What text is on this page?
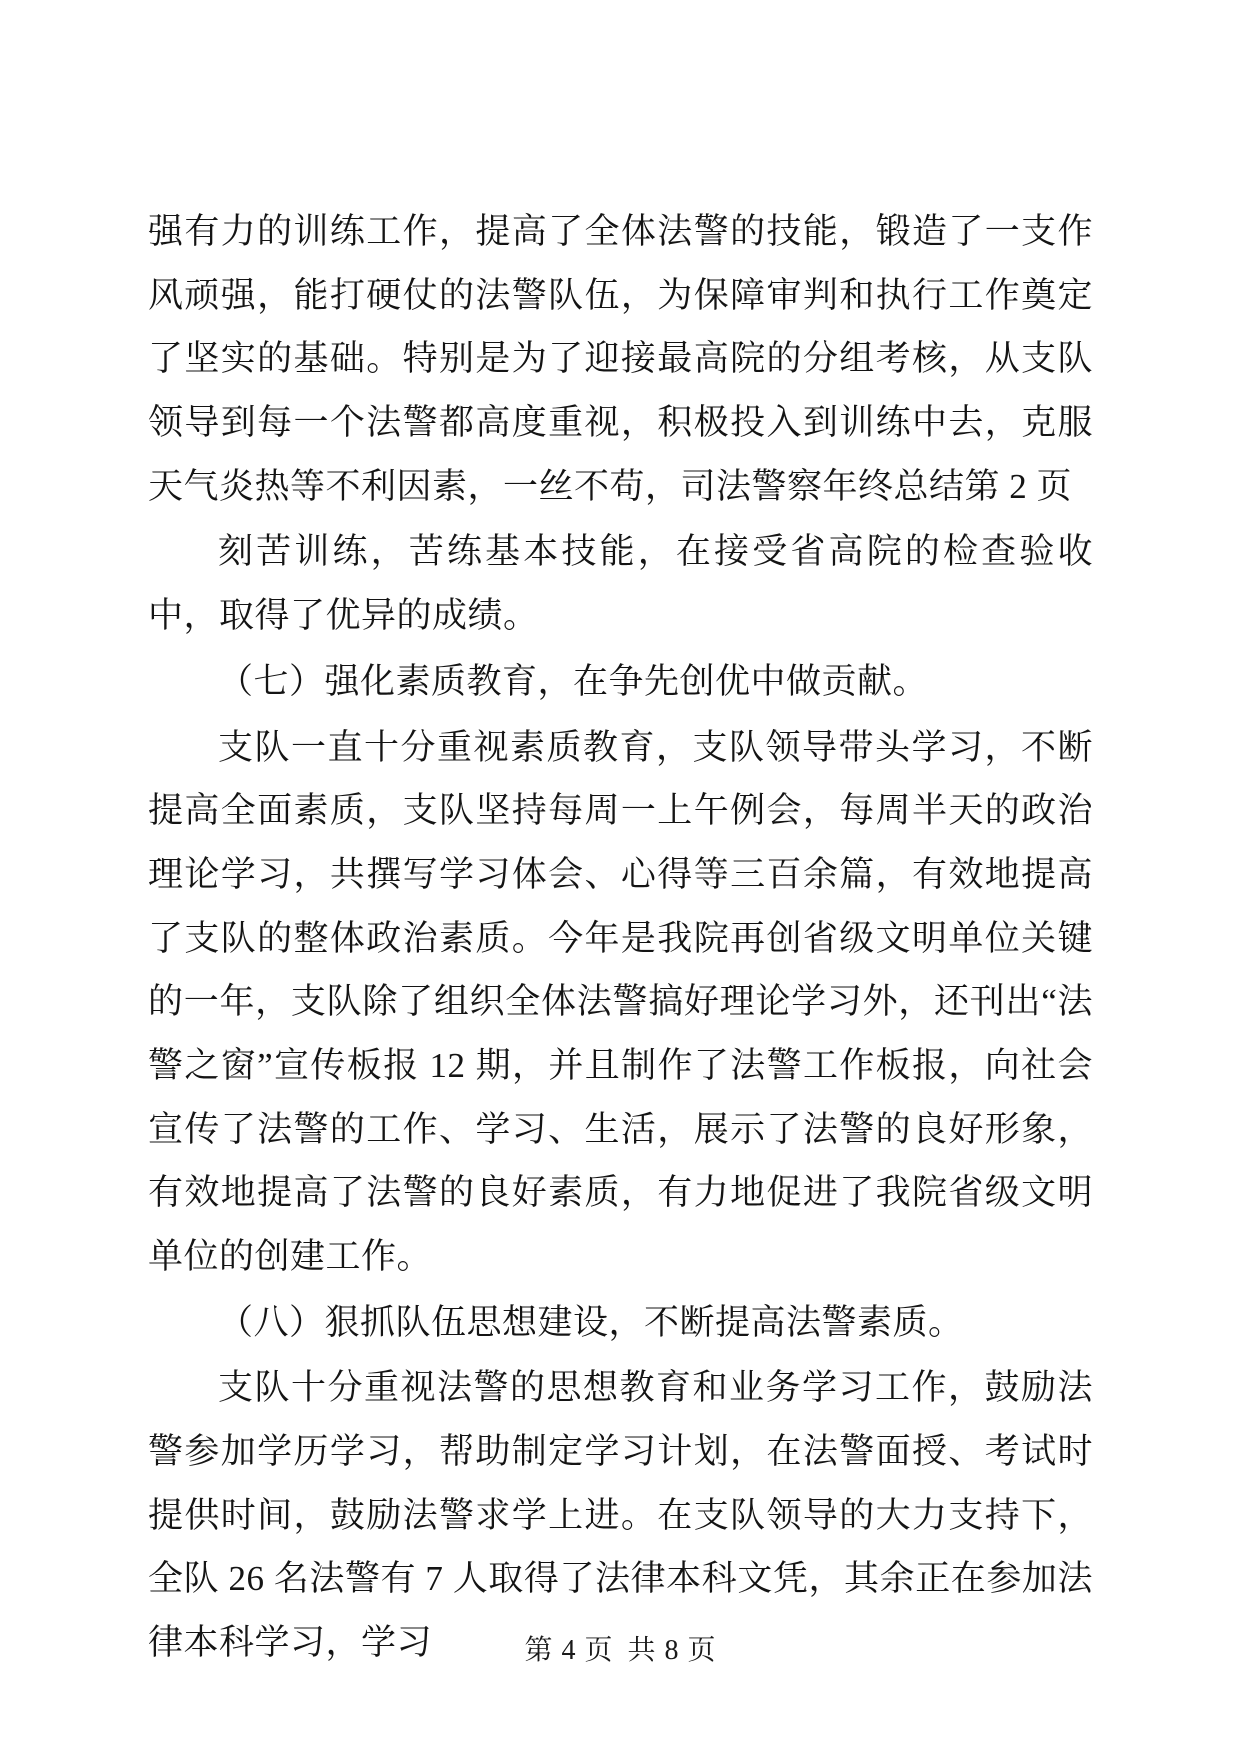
强有力的训练工作，提高了全体法警的技能，锻造了一支作风顽强，能打硬仗的法警队伍，为保障审判和执行工作奠定了坚实的基础。特别是为了迎接最高院的分组考核，从支队领导到每一个法警都高度重视，积极投入到训练中去，克服天气炎热等不利因素，一丝不苟，司法警察年终总结第 2 页

刻苦训练，苦练基本技能，在接受省高院的检查验收中，取得了优异的成绩。

（七）强化素质教育，在争先创优中做贡献。

支队一直十分重视素质教育，支队领导带头学习，不断提高全面素质，支队坚持每周一上午例会，每周半天的政治理论学习，共撰写学习体会、心得等三百余篇，有效地提高了支队的整体政治素质。今年是我院再创省级文明单位关键的一年，支队除了组织全体法警搞好理论学习外，还刊出“法警之窗”宣传板报 12 期，并且制作了法警工作板报，向社会宣传了法警的工作、学习、生活，展示了法警的良好形象，有效地提高了法警的良好素质，有力地促进了我院省级文明单位的创建工作。

（八）狠抓队伍思想建设，不断提高法警素质。

支队十分重视法警的思想教育和业务学习工作，鼓励法警参加学历学习，帮助制定学习计划，在法警面授、考试时提供时间，鼓励法警求学上进。在支队领导的大力支持下，全队 26 名法警有 7 人取得了法律本科文凭，其余正在参加法律本科学习，学习	第 4 页 共 8 页
